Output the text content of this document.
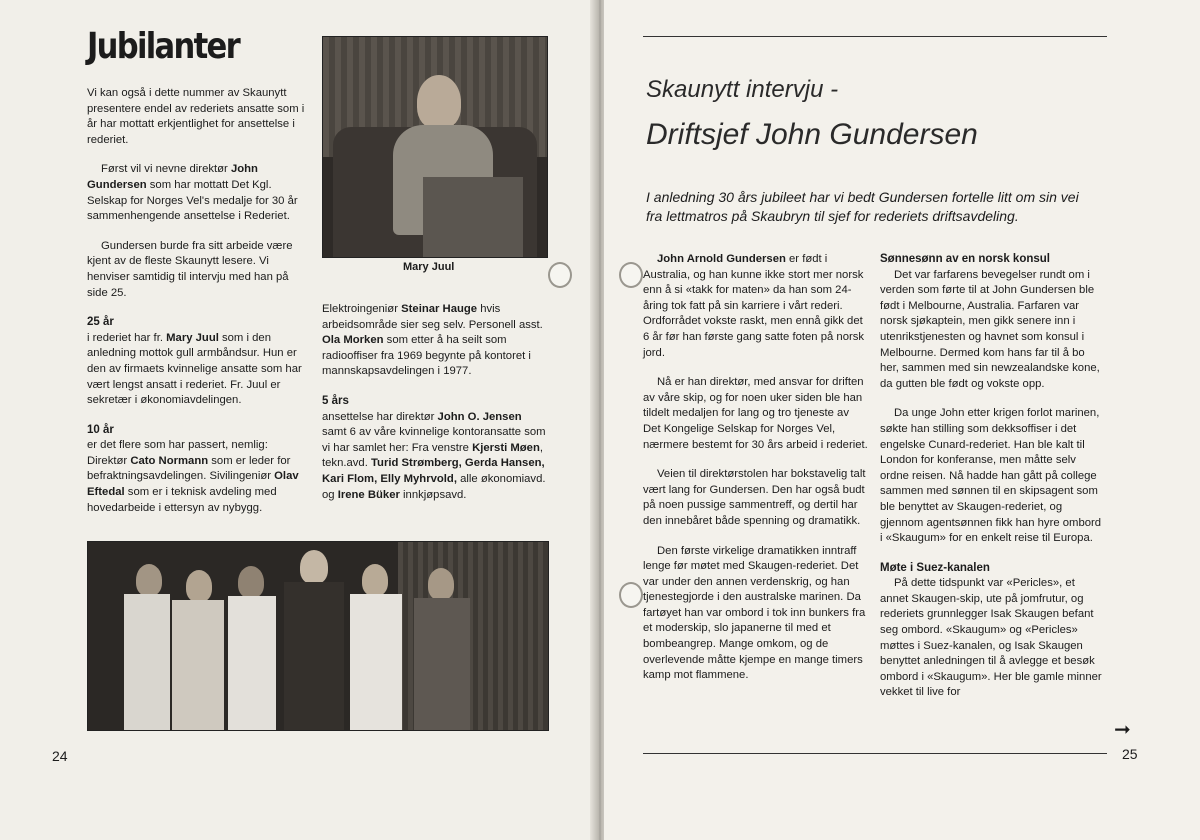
Jubilanter

Vi kan også i dette nummer av Skaunytt presentere endel av rederiets ansatte som i år har mottatt erkjentlighet for ansettelse i rederiet.

Først vil vi nevne direktør John Gundersen som har mottatt Det Kgl. Selskap for Norges Vel's medalje for 30 år sammenhengende ansettelse i Rederiet.

Gundersen burde fra sitt arbeide være kjent av de fleste Skaunytt lesere. Vi henviser samtidig til intervju med han på side 25.

25 år

i rederiet har fr. Mary Juul som i den anledning mottok gull armbåndsur. Hun er den av firmaets kvinnelige ansatte som har vært lengst ansatt i rederiet. Fr. Juul er sekretær i økonomiavdelingen.

10 år

er det flere som har passert, nemlig: Direktør Cato Normann som er leder for befraktningsavdelingen. Sivilingeniør Olav Eftedal som er i teknisk avdeling med hovedarbeide i ettersyn av nybygg.

Mary Juul

Elektroingeniør Steinar Hauge hvis arbeidsområde sier seg selv. Personell asst. Ola Morken som etter å ha seilt som radiooffiser fra 1969 begynte på kontoret i mannskapsavdelingen i 1977.

5 års

ansettelse har direktør John O. Jensen samt 6 av våre kvinnelige kontoransatte som vi har samlet her: Fra venstre Kjersti Møen, tekn.avd. Turid Strømberg, Gerda Hansen, Kari Flom, Elly Myhrvold, alle økonomiavd. og Irene Büker innkjøpsavd.

24
Skaunytt intervju -
Driftsjef John Gundersen
I anledning 30 års jubileet har vi bedt Gundersen fortelle litt om sin vei fra lettmatros på Skaubryn til sjef for rederiets driftsavdeling.

John Arnold Gundersen er født i Australia, og han kunne ikke stort mer norsk enn å si «takk for maten» da han som 24-åring tok fatt på sin karriere i vårt rederi. Ordforrådet vokste raskt, men ennå gikk det 6 år før han første gang satte foten på norsk jord.

Nå er han direktør, med ansvar for driften av våre skip, og for noen uker siden ble han tildelt medaljen for lang og tro tjeneste av Det Kongelige Selskap for Norges Vel, nærmere bestemt for 30 års arbeid i rederiet.

Veien til direktørstolen har bokstavelig talt vært lang for Gundersen. Den har også budt på noen pussige sammentreff, og dertil har den innebåret både spenning og dramatikk.

Den første virkelige dramatikken inntraff lenge før møtet med Skaugen-rederiet. Det var under den annen verdenskrig, og han tjenestegjorde i den australske marinen. Da fartøyet han var ombord i tok inn bunkers fra et moderskip, slo japanerne til med et bombeangrep. Mange omkom, og de overlevende måtte kjempe en mange timers kamp mot flammene.

Sønnesønn av en norsk konsul

Det var farfarens bevegelser rundt om i verden som førte til at John Gundersen ble født i Melbourne, Australia. Farfaren var norsk sjøkaptein, men gikk senere inn i utenrikstjenesten og havnet som konsul i Melbourne. Dermed kom hans far til å bo her, sammen med sin newzealandske kone, da gutten ble født og vokste opp.

Da unge John etter krigen forlot marinen, søkte han stilling som dekksoffiser i det engelske Cunard-rederiet. Han ble kalt til London for konferanse, men måtte selv ordne reisen. Nå hadde han gått på college sammen med sønnen til en skipsagent som ble benyttet av Skaugen-rederiet, og gjennom agentsønnen fikk han hyre ombord i «Skaugum» for en enkelt reise til Europa.

Møte i Suez-kanalen

På dette tidspunkt var «Pericles», et annet Skaugen-skip, ute på jomfrutur, og rederiets grunnlegger Isak Skaugen befant seg ombord. «Skaugum» og «Pericles» møttes i Suez-kanalen, og Isak Skaugen benyttet anledningen til å avlegge et besøk ombord i «Skaugum». Her ble gamle minner vekket til live for

➞
25
